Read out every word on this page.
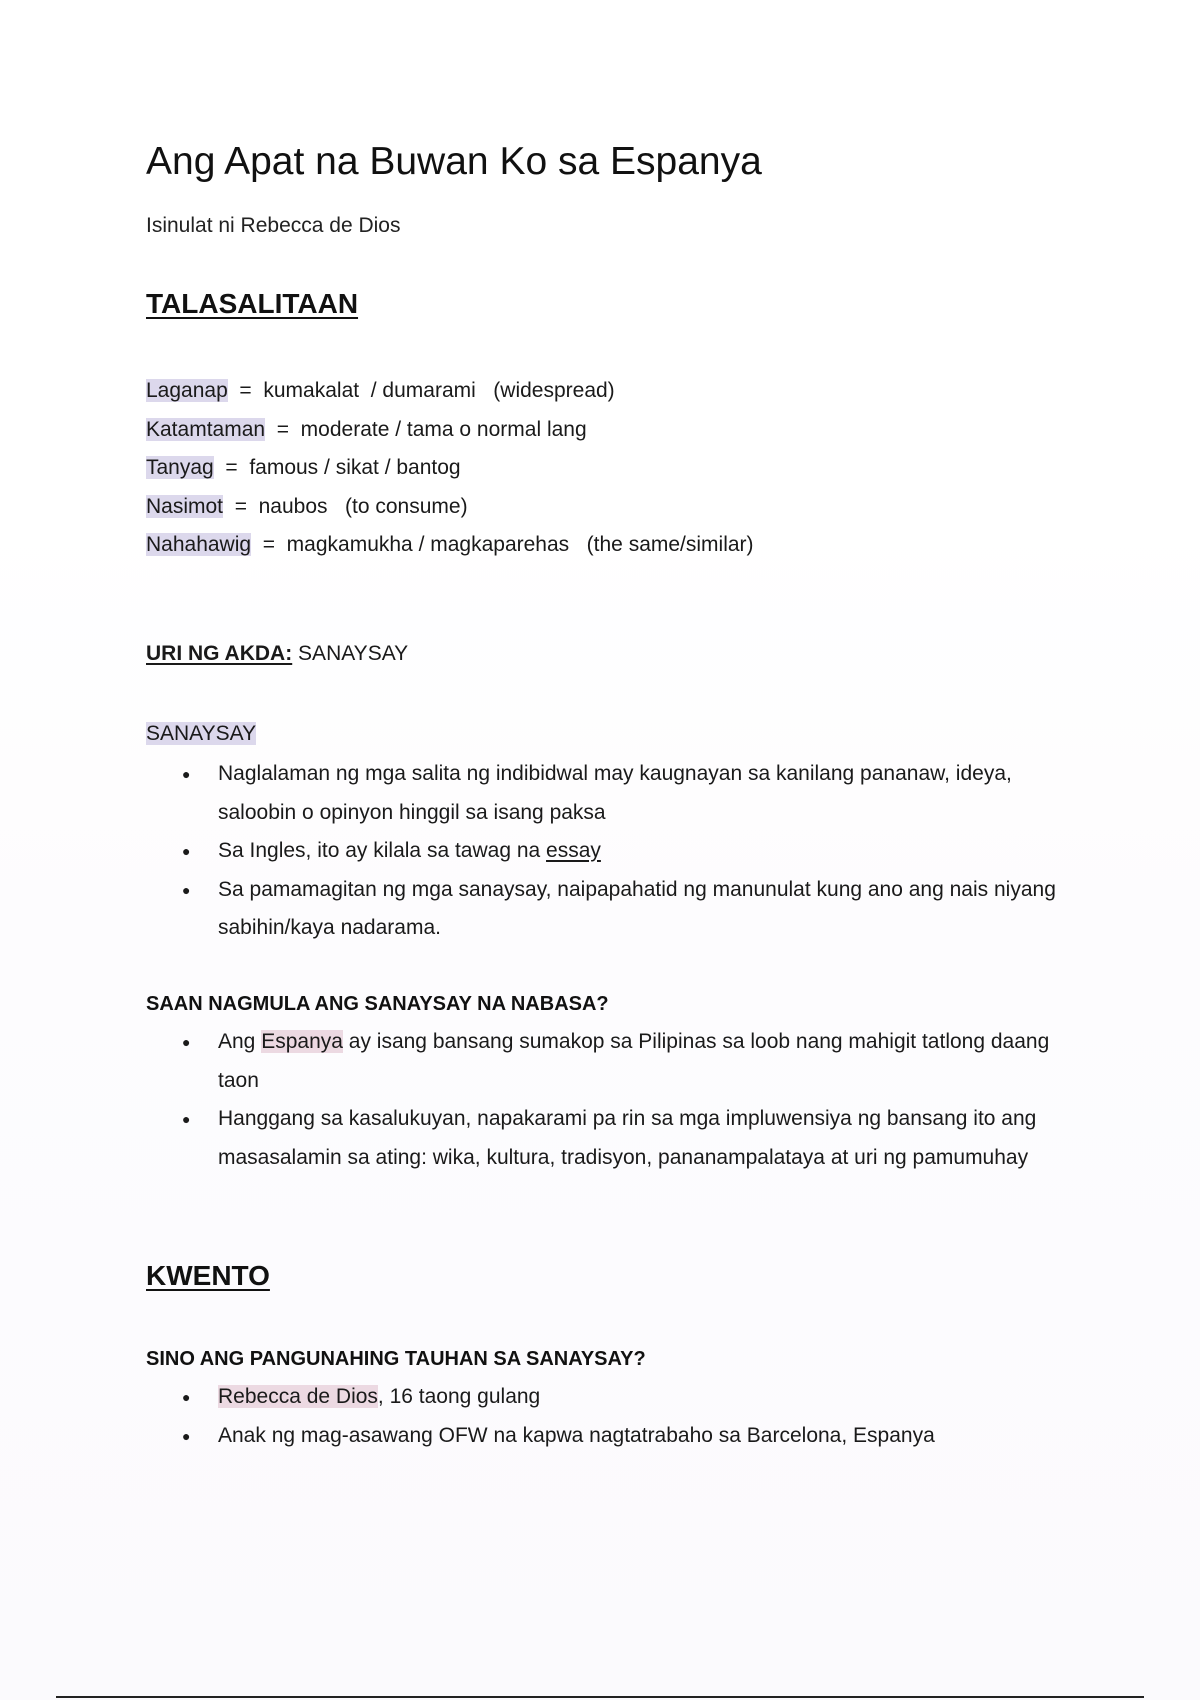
Ang Apat na Buwan Ko sa Espanya
Isinulat ni Rebecca de Dios
TALASALITAAN
Laganap  =  kumakalat  / dumarami   (widespread)
Katamtaman  =  moderate / tama o normal lang
Tanyag  =  famous / sikat / bantog
Nasimot  =  naubos   (to consume)
Nahahawig  =  magkamukha / magkaparehas   (the same/similar)
URI NG AKDA: SANAYSAY
SANAYSAY
● Naglalaman ng mga salita ng indibidwal may kaugnayan sa kanilang pananaw, ideya, saloobin o opinyon hinggil sa isang paksa
● Sa Ingles, ito ay kilala sa tawag na essay
● Sa pamamagitan ng mga sanaysay, naipapahatid ng manunulat kung ano ang nais niyang sabihin/kaya nadarama.
SAAN NAGMULA ANG SANAYSAY NA NABASA?
● Ang Espanya ay isang bansang sumakop sa Pilipinas sa loob nang mahigit tatlong daang taon
● Hanggang sa kasalukuyan, napakarami pa rin sa mga impluwensiya ng bansang ito ang masasalamin sa ating: wika, kultura, tradisyon, pananampalataya at uri ng pamumuhay
KWENTO
SINO ANG PANGUNAHING TAUHAN SA SANAYSAY?
● Rebecca de Dios, 16 taong gulang
● Anak ng mag-asawang OFW na kapwa nagtatrabaho sa Barcelona, Espanya
